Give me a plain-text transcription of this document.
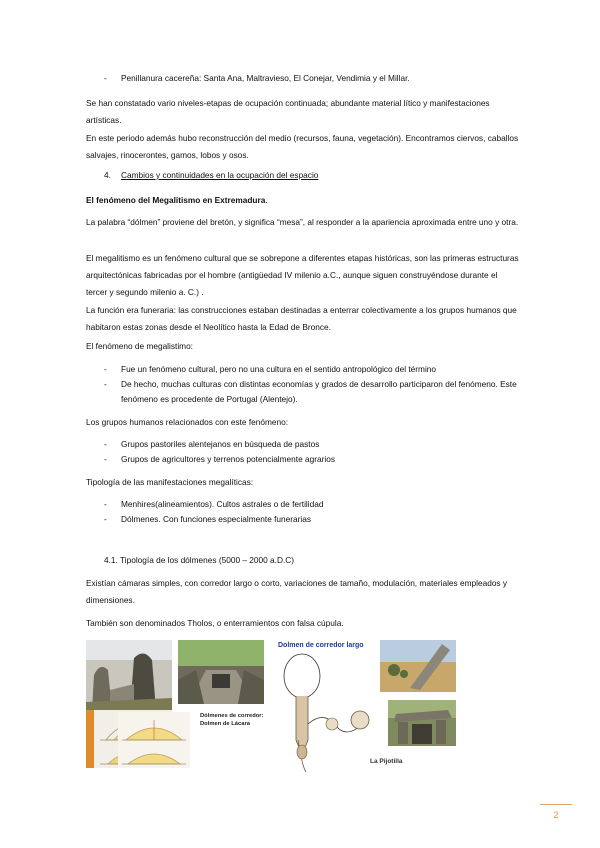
- Penillanura cacereña: Santa Ana, Maltravieso, El Conejar, Vendimia y el Millar.

Se han constatado vario niveles-etapas de ocupación continuada; abundante material lítico y manifestaciones artísticas.

En este periodo además hubo reconstrucción del medio (recursos, fauna, vegetación). Encontramos ciervos, caballos salvajes, rinocerontes, gamos, lobos y osos.

4. Cambios y continuidades en la ocupación del espacio

El fenómeno del Megalitismo en Extremadura.

La palabra “dólmen” proviene del bretón, y significa “mesa”, al responder a la apariencia aproximada entre uno y otra.

El megalitismo es un fenómeno cultural que se sobrepone a diferentes etapas históricas, son las primeras estructuras arquitectónicas fabricadas por el hombre (antigüedad IV milenio a.C., aunque siguen construyéndose durante el tercer y segundo milenio a. C.) .

La función era funeraria: las construcciones estaban destinadas a enterrar colectivamente a los grupos humanos que habitaron estas zonas desde el Neolítico hasta la Edad de Bronce.

El fenómeno de megalistimo:

- Fue un fenómeno cultural, pero no una cultura en el sentido antropológico del término
- De hecho, muchas culturas con distintas economías y grados de desarrollo participaron del fenómeno. Este fenómeno es procedente de Portugal (Alentejo).

Los grupos humanos relacionados con este fenómeno:

- Grupos pastoriles alentejanos en búsqueda de pastos
- Grupos de agricultores y terrenos potencialmente agrarios

Tipología de las manifestaciones megalíticas:

- Menhires(alineamientos). Cultos astrales o de fertilidad
- Dólmenes. Con funciones especialmente funerarias
4.1. Tipología de los dólmenes (5000 – 2000 a.D.C)

Existían cámaras simples, con corredor largo o corto, variaciones de tamaño, modulación, materiales empleados y dimensiones.

También son denominados Tholos, o enterramientos con falsa cúpula.

Dólmenes de corredor: Dolmen de Lácara
Dolmen de corredor largo
La Pijotilla
2
